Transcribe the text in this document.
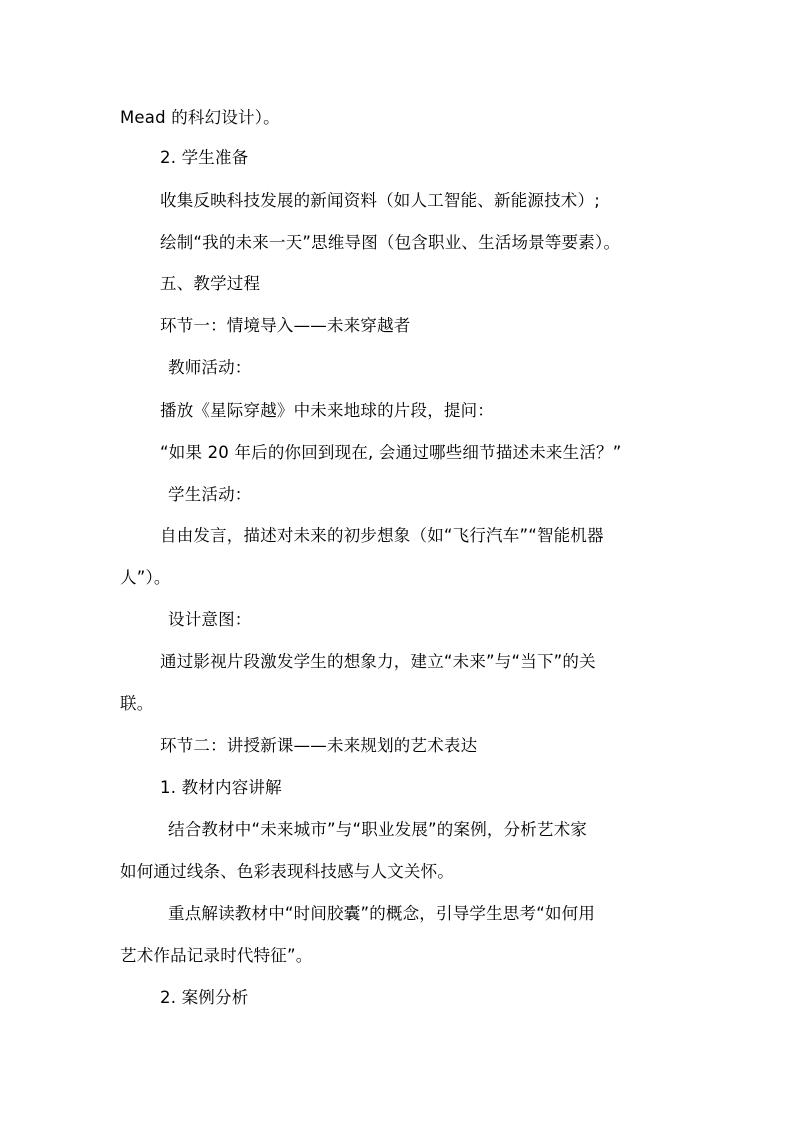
Mead 的科幻设计）。
2. 学生准备
收集反映科技发展的新闻资料（如人工智能、新能源技术）;
绘制“我的未来一天”思维导图（包含职业、生活场景等要素）。
五、教学过程
环节一：情境导入——未来穿越者
教师活动：
播放《星际穿越》中未来地球的片段，提问：
“如果 20 年后的你回到现在, 会通过哪些细节描述未来生活？”
学生活动：
自由发言，描述对未来的初步想象（如“飞行汽车”“智能机器
人”）。
设计意图：
通过影视片段激发学生的想象力，建立“未来”与“当下”的关
联。
环节二：讲授新课——未来规划的艺术表达
1. 教材内容讲解
结合教材中“未来城市”与“职业发展”的案例，分析艺术家
如何通过线条、色彩表现科技感与人文关怀。
重点解读教材中“时间胶囊”的概念，引导学生思考“如何用
艺术作品记录时代特征”。
2. 案例分析
